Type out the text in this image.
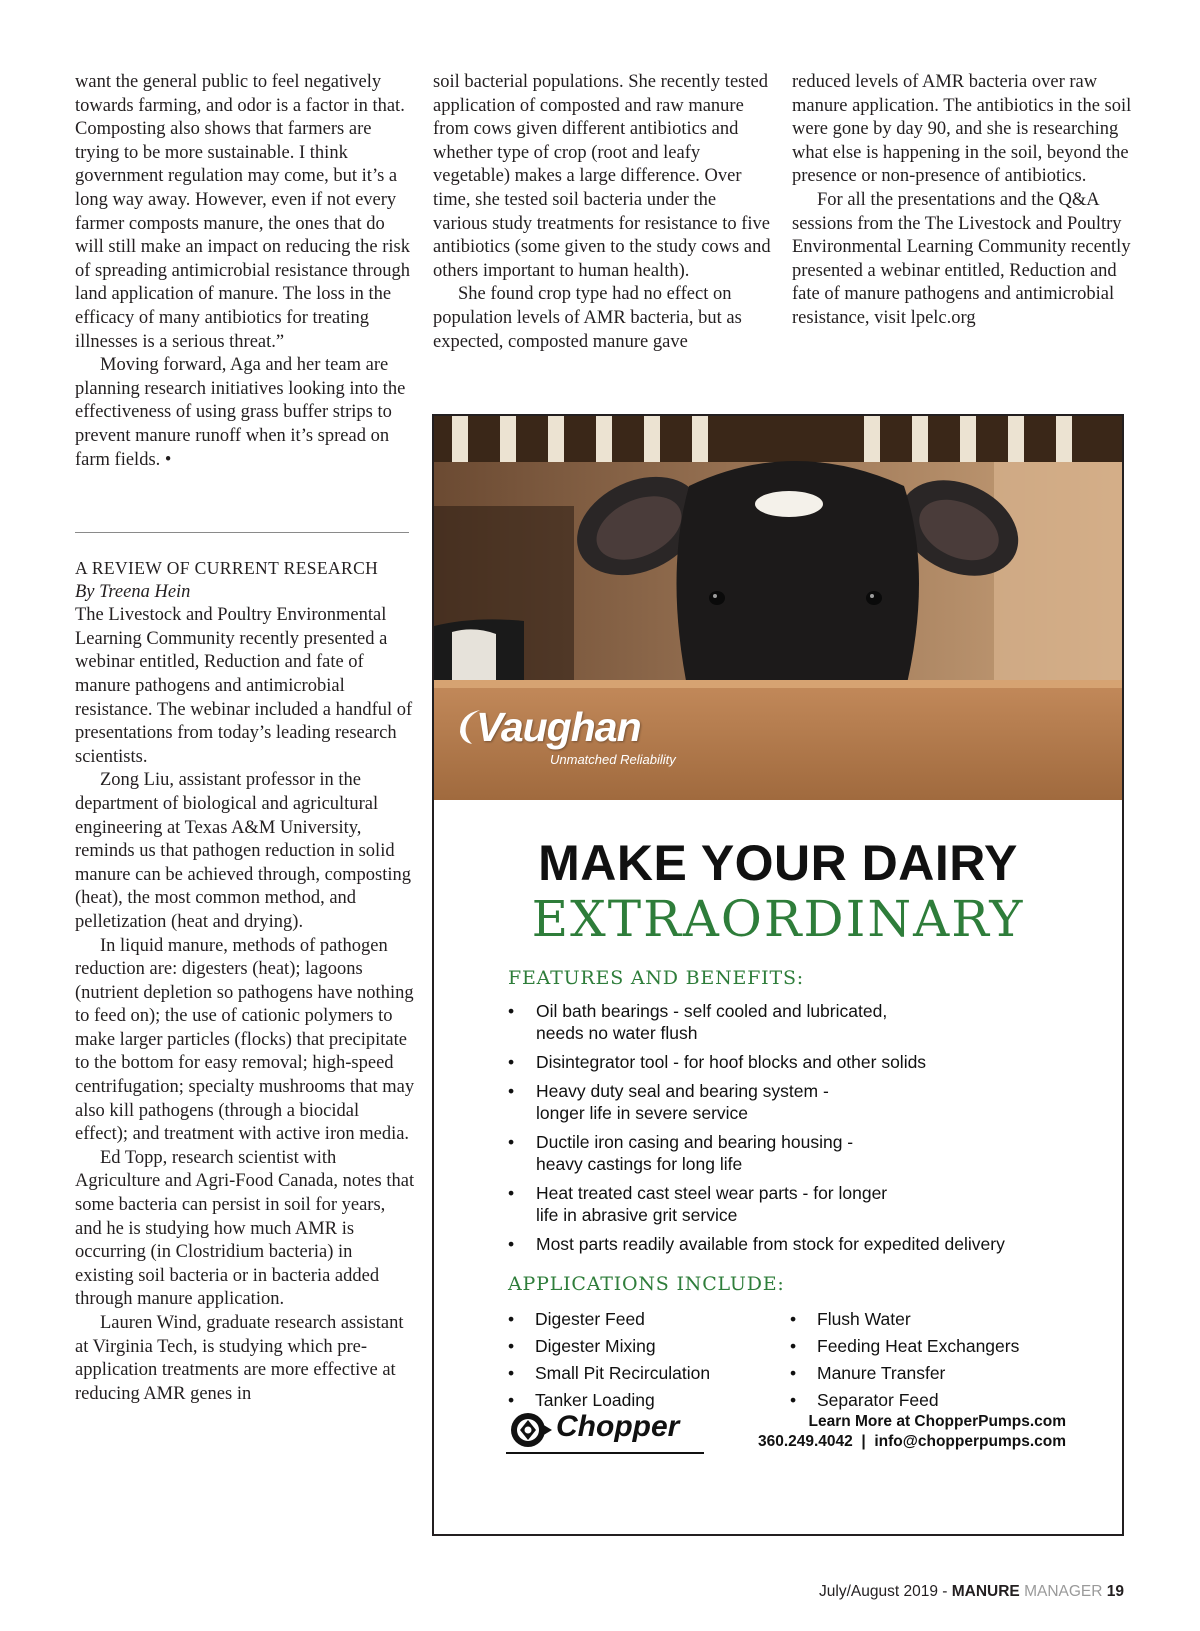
want the general public to feel negatively towards farming, and odor is a factor in that. Composting also shows that farmers are trying to be more sustainable. I think government regulation may come, but it’s a long way away. However, even if not every farmer composts manure, the ones that do will still make an impact on reducing the risk of spreading antimicrobial resistance through land application of manure. The loss in the efficacy of many antibiotics for treating illnesses is a serious threat.”

Moving forward, Aga and her team are planning research initiatives looking into the effectiveness of using grass buffer strips to prevent manure runoff when it’s spread on farm fields. •

A REVIEW OF CURRENT RESEARCH

By Treena Hein

The Livestock and Poultry Environmental Learning Community recently presented a webinar entitled, Reduction and fate of manure pathogens and antimicrobial resistance. The webinar included a handful of presentations from today’s leading research scientists.

Zong Liu, assistant professor in the department of biological and agricultural engineering at Texas A&M University, reminds us that pathogen reduction in solid manure can be achieved through, composting (heat), the most common method, and pelletization (heat and drying).

In liquid manure, methods of pathogen reduction are: digesters (heat); lagoons (nutrient depletion so pathogens have nothing to feed on); the use of cationic polymers to make larger particles (flocks) that precipitate to the bottom for easy removal; high-speed centrifugation; specialty mushrooms that may also kill pathogens (through a biocidal effect); and treatment with active iron media.

Ed Topp, research scientist with Agriculture and Agri-Food Canada, notes that some bacteria can persist in soil for years, and he is studying how much AMR is occurring (in Clostridium bacteria) in existing soil bacteria or in bacteria added through manure application.

Lauren Wind, graduate research assistant at Virginia Tech, is studying which pre-application treatments are more effective at reducing AMR genes in

soil bacterial populations. She recently tested application of composted and raw manure from cows given different antibiotics and whether type of crop (root and leafy vegetable) makes a large difference. Over time, she tested soil bacteria under the various study treatments for resistance to five antibiotics (some given to the study cows and others important to human health).

She found crop type had no effect on population levels of AMR bacteria, but as expected, composted manure gave

reduced levels of AMR bacteria over raw manure application. The antibiotics in the soil were gone by day 90, and she is researching what else is happening in the soil, beyond the presence or non-presence of antibiotics.

For all the presentations and the Q&A sessions from the The Livestock and Poultry Environmental Learning Community recently presented a webinar entitled, Reduction and fate of manure pathogens and antimicrobial resistance, visit lpelc.org

Vaughan
Unmatched Reliability
MAKE YOUR DAIRY
EXTRAORDINARY
FEATURES AND BENEFITS:
• Oil bath bearings - self cooled and lubricated,
needs no water flush
• Disintegrator tool - for hoof blocks and other solids
• Heavy duty seal and bearing system -
longer life in severe service
• Ductile iron casing and bearing housing -
heavy castings for long life
• Heat treated cast steel wear parts - for longer
life in abrasive grit service
• Most parts readily available from stock for expedited delivery
APPLICATIONS INCLUDE:
• Digester Feed
• Digester Mixing
• Small Pit Recirculation
• Tanker Loading
• Flush Water
• Feeding Heat Exchangers
• Manure Transfer
• Separator Feed
Chopper	Learn More at ChopperPumps.com
360.249.4042  |  info@chopperpumps.com
July/August 2019 - MANURE MANAGER 19
